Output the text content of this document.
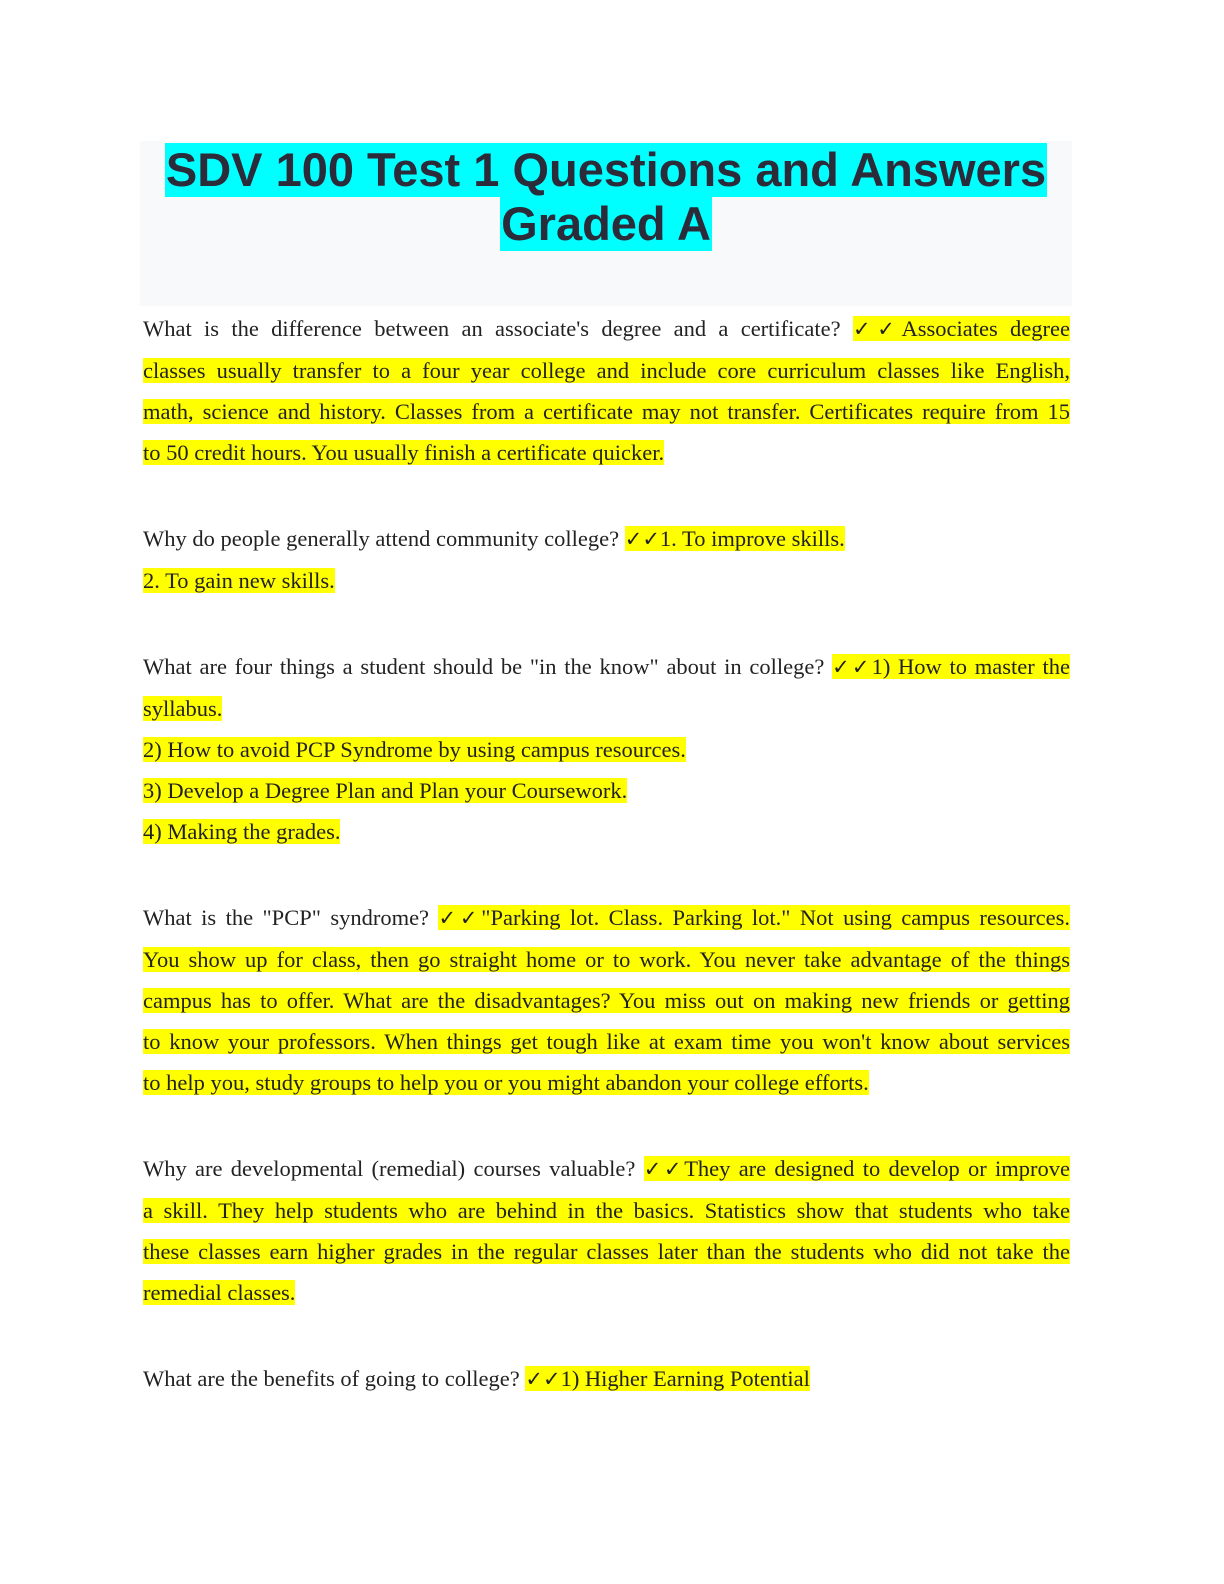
SDV 100 Test 1 Questions and Answers
Graded A
What is the difference between an associate's degree and a certificate? ✓✓Associates degree
classes usually transfer to a four year college and include core curriculum classes like English,
math, science and history. Classes from a certificate may not transfer. Certificates require from 15
to 50 credit hours. You usually finish a certificate quicker.
Why do people generally attend community college? ✓✓1. To improve skills.
2. To gain new skills.
What are four things a student should be "in the know" about in college? ✓✓1) How to master the
syllabus.
2) How to avoid PCP Syndrome by using campus resources.
3) Develop a Degree Plan and Plan your Coursework.
4) Making the grades.
What is the "PCP" syndrome? ✓✓"Parking lot. Class. Parking lot." Not using campus resources.
You show up for class, then go straight home or to work. You never take advantage of the things
campus has to offer. What are the disadvantages? You miss out on making new friends or getting
to know your professors. When things get tough like at exam time you won't know about services
to help you, study groups to help you or you might abandon your college efforts.
Why are developmental (remedial) courses valuable? ✓✓They are designed to develop or improve
a skill. They help students who are behind in the basics. Statistics show that students who take
these classes earn higher grades in the regular classes later than the students who did not take the
remedial classes.
What are the benefits of going to college? ✓✓1) Higher Earning Potential
